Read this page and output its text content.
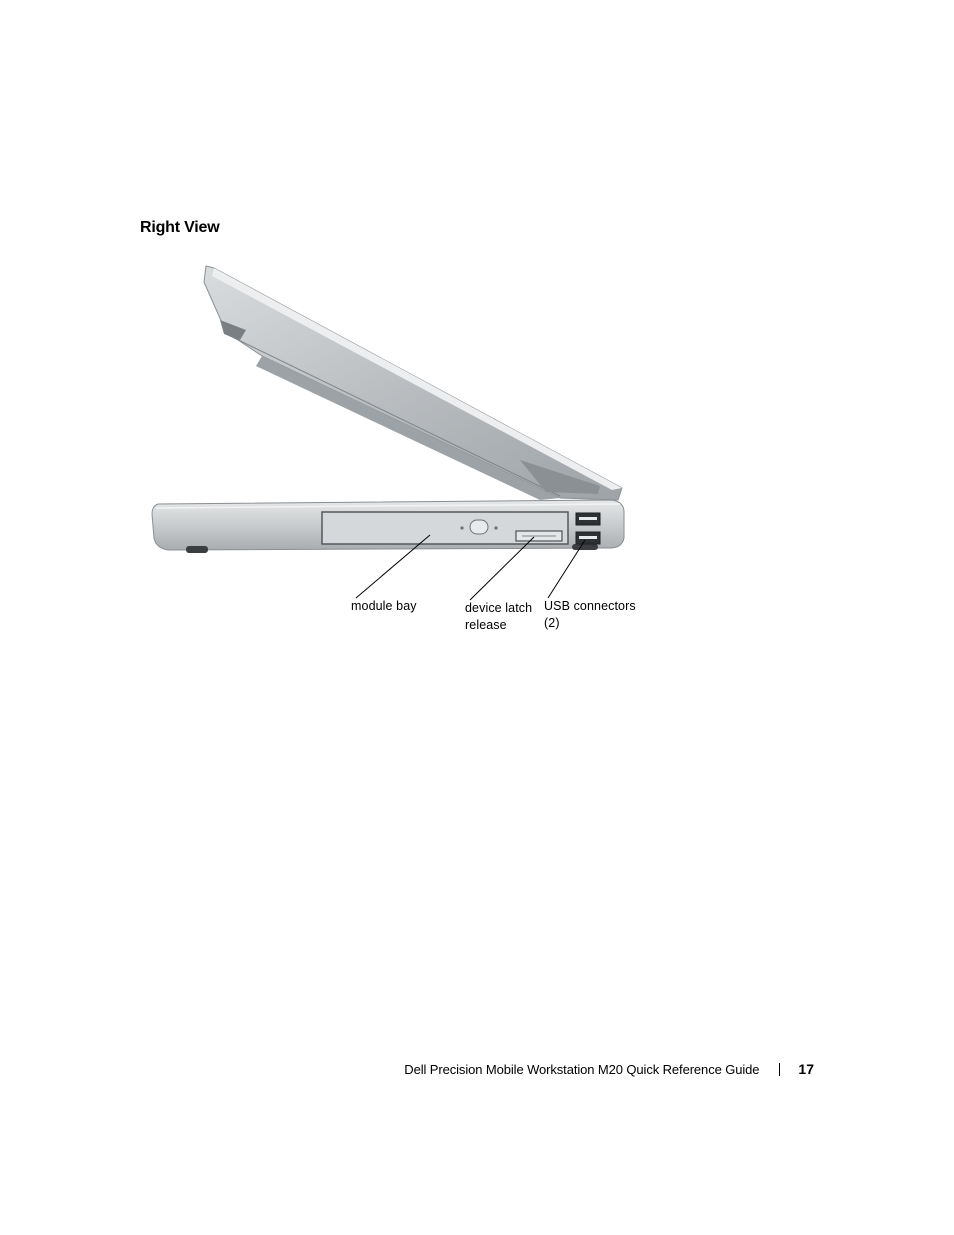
Right View
module bay	device latch release
USB connectors (2)
Dell Precision Mobile Workstation M20 Quick Reference Guide	17
